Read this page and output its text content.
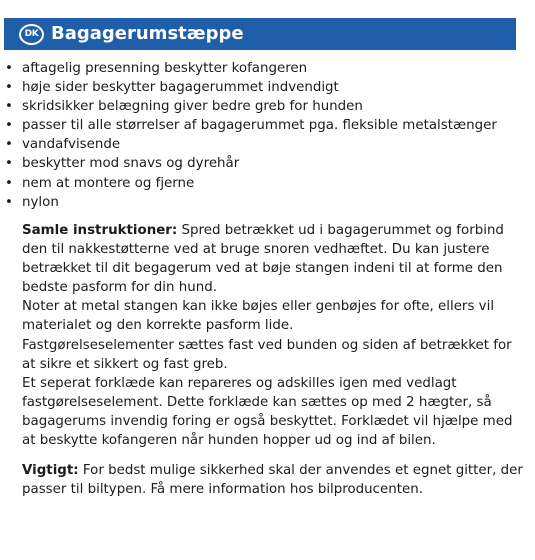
DK Bagagerumstæppe
• aftagelig presenning beskytter kofangeren
• høje sider beskytter bagagerummet indvendigt
• skridsikker belægning giver bedre greb for hunden
• passer til alle størrelser af bagagerummet pga. fleksible metalstænger
• vandafvisende
• beskytter mod snavs og dyrehår
• nem at montere og fjerne
• nylon

Samle instruktioner: Spred betrækket ud i bagagerummet og forbind

den til nakkestøtterne ved at bruge snoren vedhæftet. Du kan justere

betrækket til dit begagerum ved at bøje stangen indeni til at forme den

bedste pasform for din hund.

Noter at metal stangen kan ikke bøjes eller genbøjes for ofte, ellers vil

materialet og den korrekte pasform lide.

Fastgørelseselementer sættes fast ved bunden og siden af betrækket for

at sikre et sikkert og fast greb.

Et seperat forklæde kan repareres og adskilles igen med vedlagt

fastgørelseselement. Dette forklæde kan sættes op med 2 hægter, så

bagagerums invendig foring er også beskyttet. Forklædet vil hjælpe med

at beskytte kofangeren når hunden hopper ud og ind af bilen.

Vigtigt: For bedst mulige sikkerhed skal der anvendes et egnet gitter, der

passer til biltypen. Få mere information hos bilproducenten.
